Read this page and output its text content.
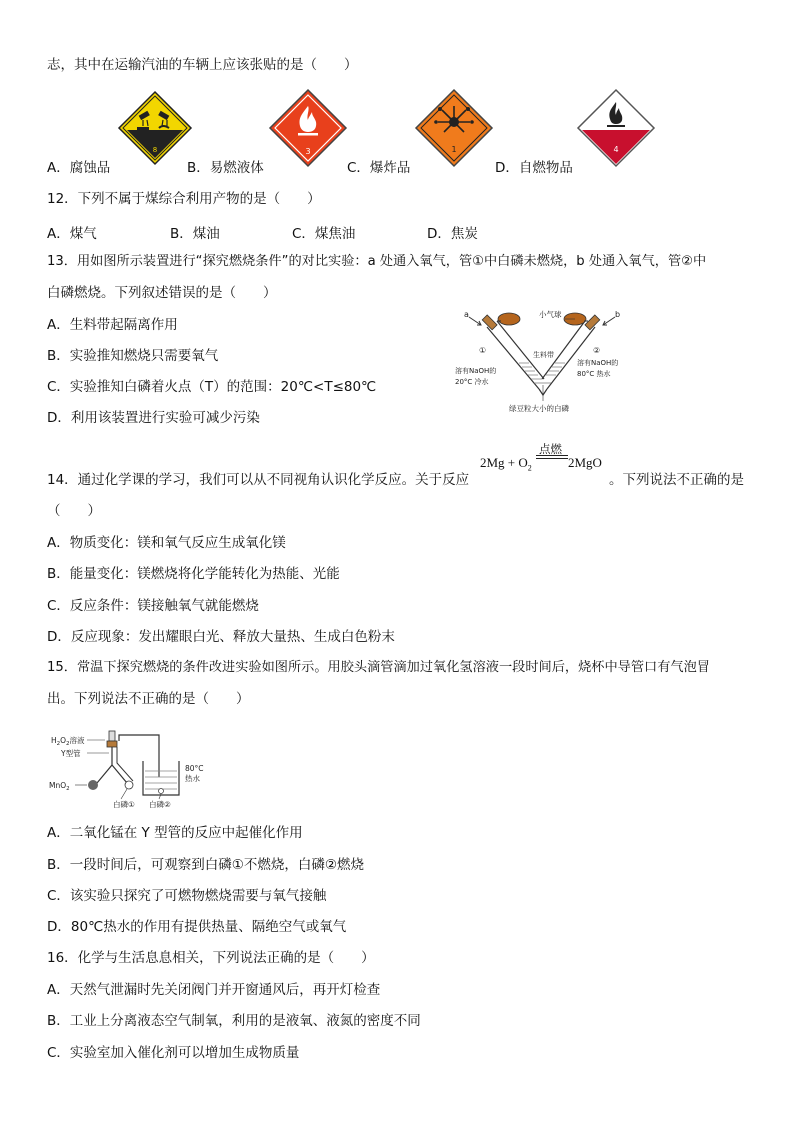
志，其中在运输汽油的车辆上应该张贴的是（　　）
8	3	1	4
A．腐蚀品	B．易燃液体	C．爆炸品	D．自燃物品
12．下列不属于煤综合利用产物的是（　　）
A．煤气	B．煤油	C．煤焦油	D．焦炭
13．用如图所示装置进行“探究燃烧条件”的对比实验：a 处通入氧气，管①中白磷未燃烧，b 处通入氧气，管②中
白磷燃烧。下列叙述错误的是（　　）
A．生料带起隔离作用
B．实验推知燃烧只需要氧气
C．实验推知白磷着火点（T）的范围：20℃<T≤80℃
D．利用该装置进行实验可减少污染
a	b
小气球
生料带
①	②
溶有NaOH的
20°C 冷水
溶有NaOH的
80°C 热水
绿豆粒大小的白磷
14．通过化学课的学习，我们可以从不同视角认识化学反应。关于反应
点燃
$2Mg + O_2$	2MgO
。下列说法不正确的是
（　　）
A．物质变化：镁和氧气反应生成氧化镁
B．能量变化：镁燃烧将化学能转化为热能、光能
C．反应条件：镁接触氧气就能燃烧
D．反应现象：发出耀眼白光、释放大量热、生成白色粉末
15．常温下探究燃烧的条件改进实验如图所示。用胶头滴管滴加过氧化氢溶液一段时间后，烧杯中导管口有气泡冒
出。下列说法不正确的是（　　）
$H_2O_2$溶液
Y型管
MnO$_2$
80°C
热水
白磷① 白磷②
A．二氧化锰在 Y 型管的反应中起催化作用
B．一段时间后，可观察到白磷①不燃烧，白磷②燃烧
C．该实验只探究了可燃物燃烧需要与氧气接触
D．80℃热水的作用有提供热量、隔绝空气或氧气
16．化学与生活息息相关，下列说法正确的是（　　）
A．天然气泄漏时先关闭阀门并开窗通风后，再开灯检查
B．工业上分离液态空气制氧，利用的是液氧、液氮的密度不同
C．实验室加入催化剂可以增加生成物质量
